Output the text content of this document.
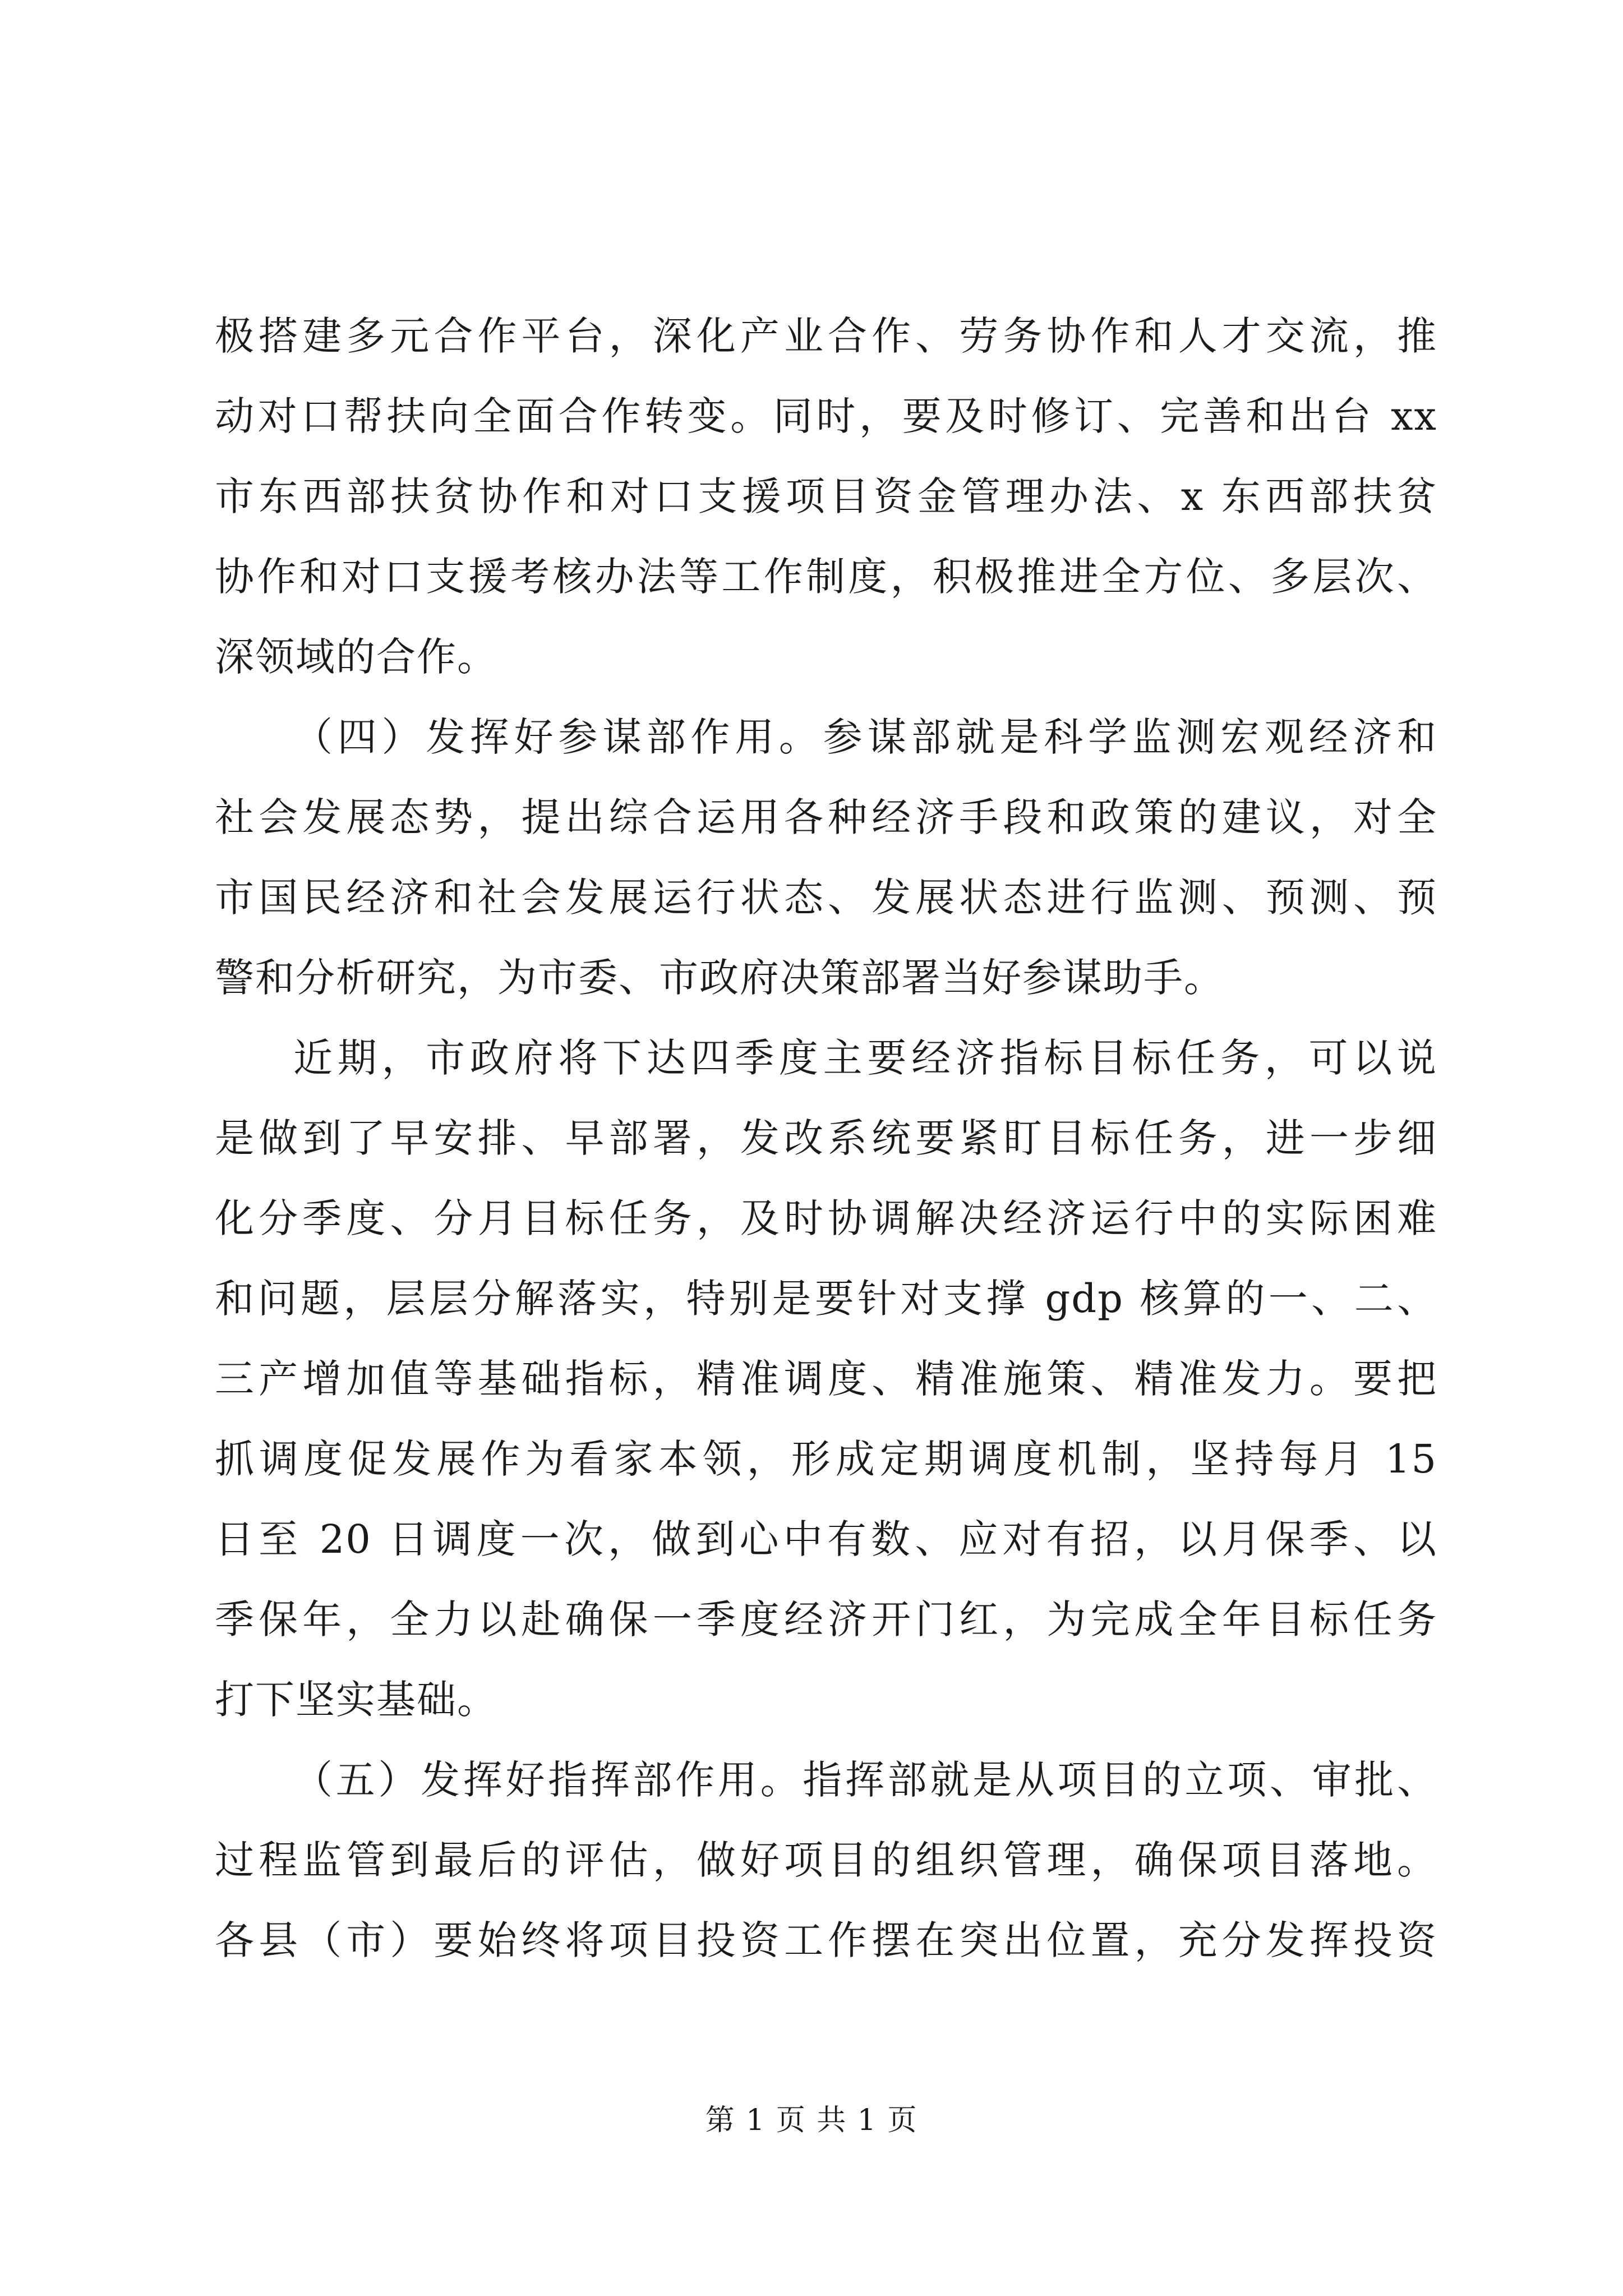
极搭建多元合作平台，深化产业合作、劳务协作和人才交流，推
动对口帮扶向全面合作转变。同时，要及时修订、完善和出台 xx
市东西部扶贫协作和对口支援项目资金管理办法、x 东西部扶贫
协作和对口支援考核办法等工作制度，积极推进全方位、多层次、
深领域的合作。
（四）发挥好参谋部作用。参谋部就是科学监测宏观经济和
社会发展态势，提出综合运用各种经济手段和政策的建议，对全
市国民经济和社会发展运行状态、发展状态进行监测、预测、预
警和分析研究，为市委、市政府决策部署当好参谋助手。
近期，市政府将下达四季度主要经济指标目标任务，可以说
是做到了早安排、早部署，发改系统要紧盯目标任务，进一步细
化分季度、分月目标任务，及时协调解决经济运行中的实际困难
和问题，层层分解落实，特别是要针对支撑 gdp 核算的一、二、
三产增加值等基础指标，精准调度、精准施策、精准发力。要把
抓调度促发展作为看家本领，形成定期调度机制，坚持每月 15
日至 20 日调度一次，做到心中有数、应对有招，以月保季、以
季保年，全力以赴确保一季度经济开门红，为完成全年目标任务
打下坚实基础。
（五）发挥好指挥部作用。指挥部就是从项目的立项、审批、
过程监管到最后的评估，做好项目的组织管理，确保项目落地。
各县（市）要始终将项目投资工作摆在突出位置，充分发挥投资
第 1 页 共 1 页
